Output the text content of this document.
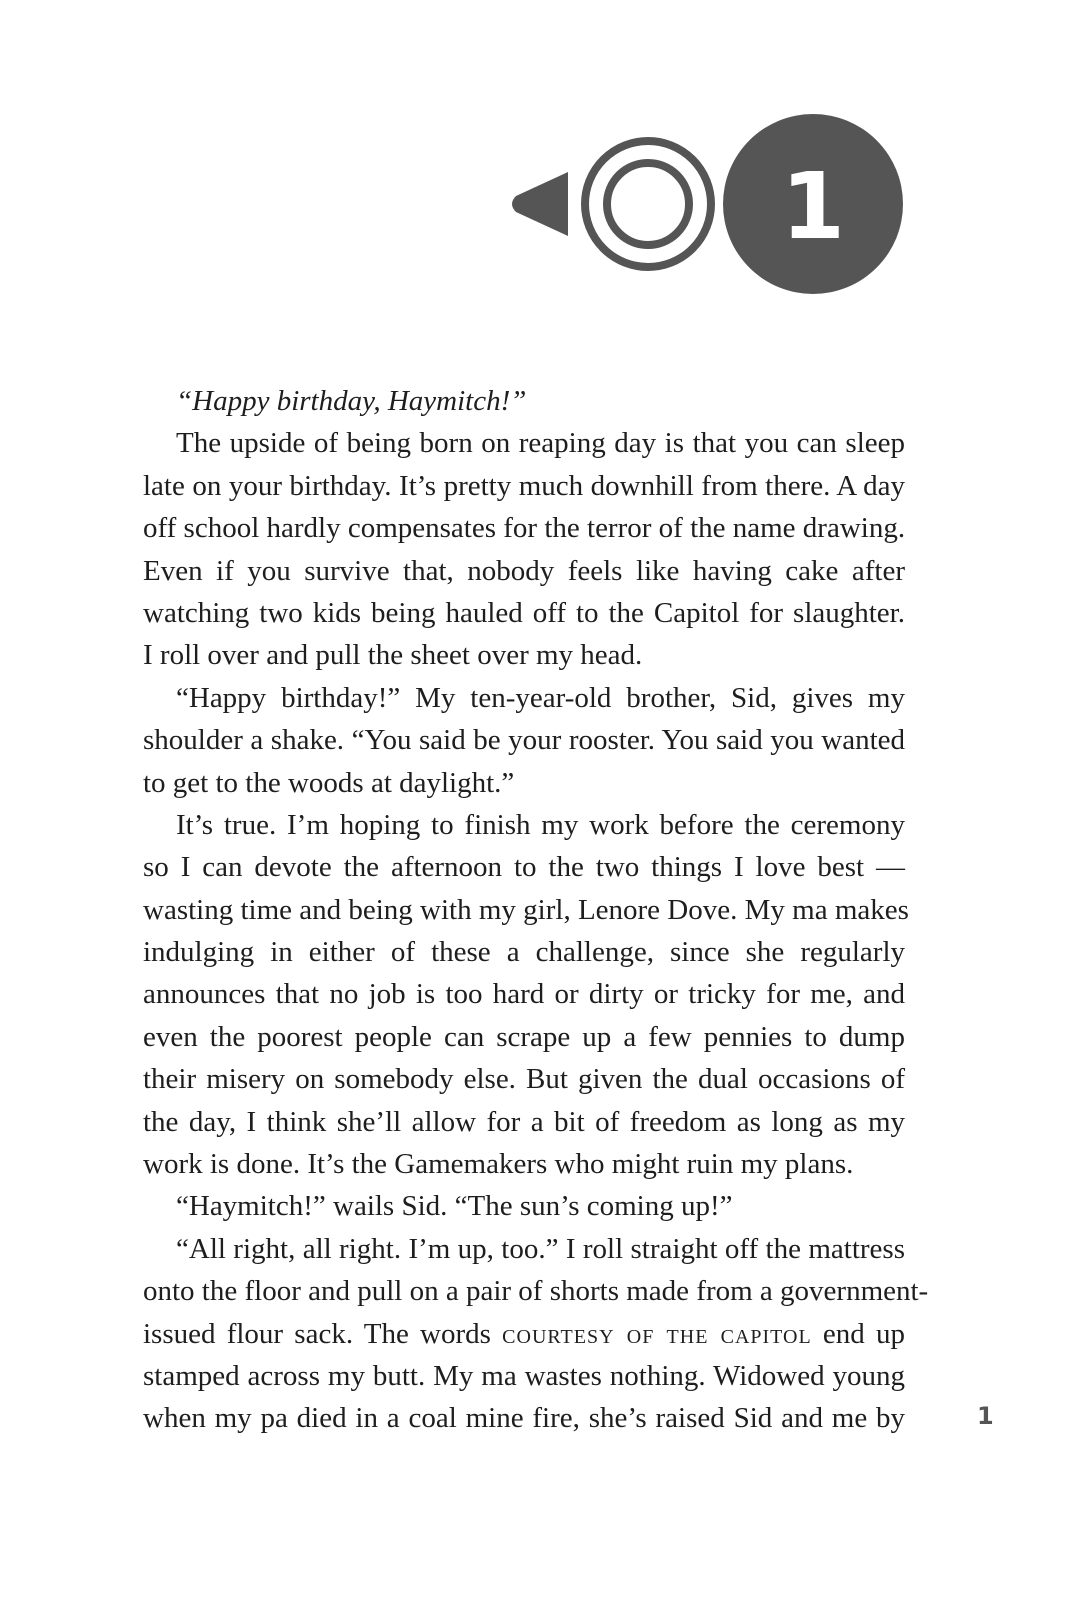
1
“Happy birthday, Haymitch!”
The upside of being born on reaping day is that you can sleep
late on your birthday. It’s pretty much downhill from there. A day
off school hardly compensates for the terror of the name drawing.
Even if you survive that, nobody feels like having cake after
watching two kids being hauled off to the Capitol for slaughter.
I roll over and pull the sheet over my head.
“Happy birthday!” My ten-year-old brother, Sid, gives my
shoulder a shake. “You said be your rooster. You said you wanted
to get to the woods at daylight.”
It’s true. I’m hoping to finish my work before the ceremony
so I can devote the afternoon to the two things I love best —
wasting time and being with my girl, Lenore Dove. My ma makes
indulging in either of these a challenge, since she regularly
announces that no job is too hard or dirty or tricky for me, and
even the poorest people can scrape up a few pennies to dump
their misery on somebody else. But given the dual occasions of
the day, I think she’ll allow for a bit of freedom as long as my
work is done. It’s the Gamemakers who might ruin my plans.
“Haymitch!” wails Sid. “The sun’s coming up!”
“All right, all right. I’m up, too.” I roll straight off the mattress
onto the floor and pull on a pair of shorts made from a government-
issued flour sack. The words courtesy of the capitol end up
stamped across my butt. My ma wastes nothing. Widowed young
when my pa died in a coal mine fire, she’s raised Sid and me by	1
